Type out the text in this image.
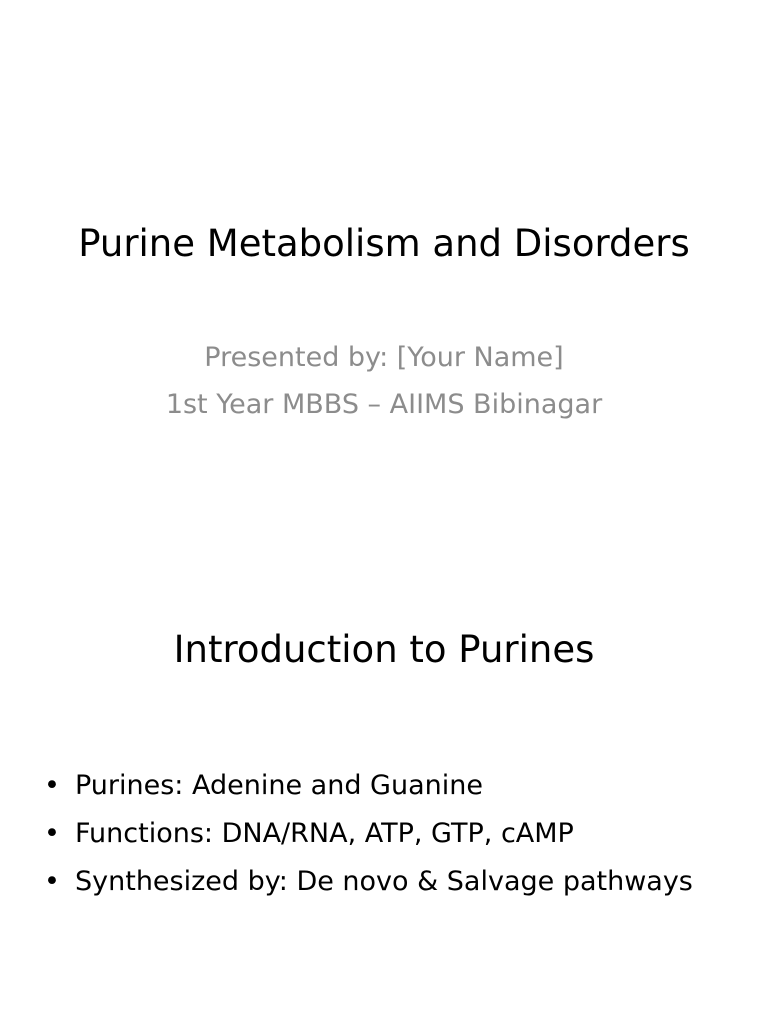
Purine Metabolism and Disorders
Presented by: [Your Name]
1st Year MBBS – AIIMS Bibinagar
Introduction to Purines
• Purines: Adenine and Guanine
• Functions: DNA/RNA, ATP, GTP, cAMP
• Synthesized by: De novo & Salvage pathways
